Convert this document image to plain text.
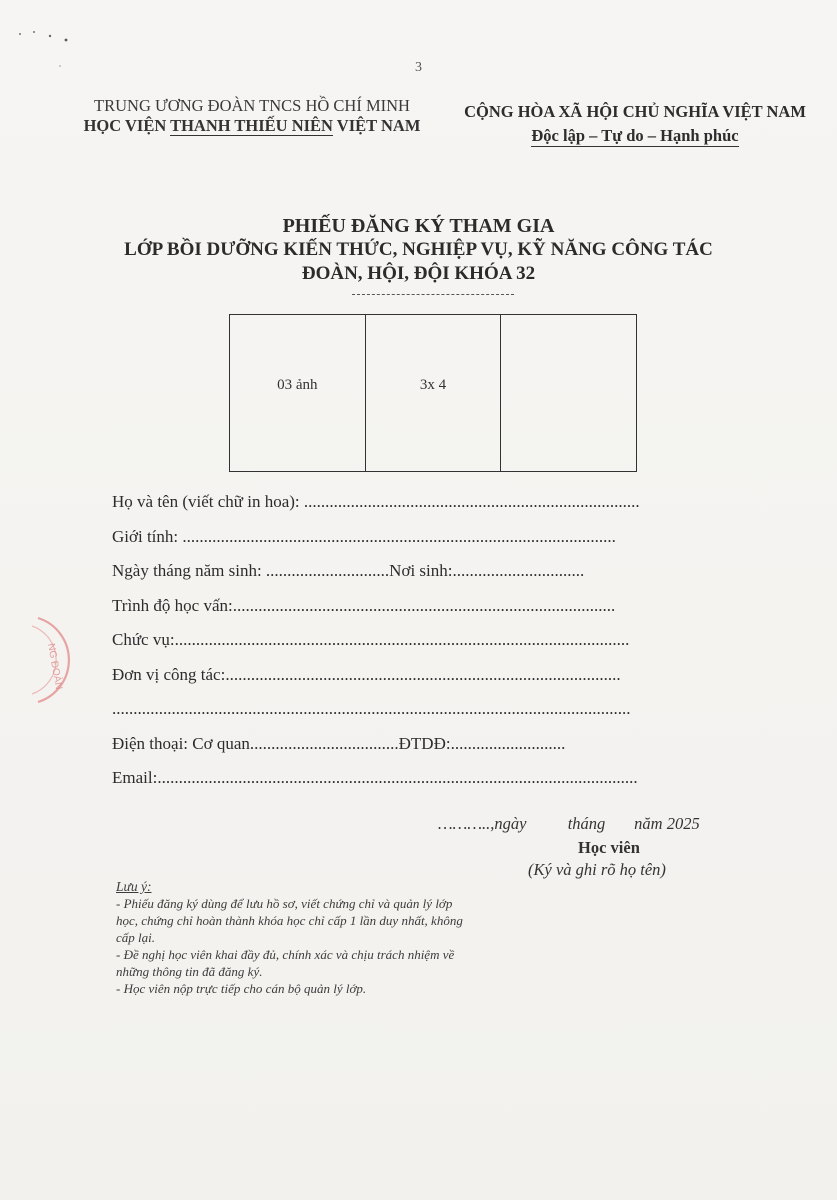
3
TRUNG ƯƠNG ĐOÀN TNCS HỒ CHÍ MINH
HỌC VIỆN THANH THIẾU NIÊN VIỆT NAM
CỘNG HÒA XÃ HỘI CHỦ NGHĨA VIỆT NAM
Độc lập – Tự do – Hạnh phúc
PHIẾU ĐĂNG KÝ THAM GIA
LỚP BỒI DƯỠNG KIẾN THỨC, NGHIỆP VỤ, KỸ NĂNG CÔNG TÁC
ĐOÀN, HỘI, ĐỘI KHÓA 32
03 ảnh	3x 4
Họ và tên (viết chữ in hoa): ...............................................................................
Giới tính: ......................................................................................................
Ngày tháng năm sinh: .............................Nơi sinh:...............................
Trình độ học vấn:..........................................................................................
Chức vụ:...........................................................................................................
Đơn vị công tác:.............................................................................................
..........................................................................................................................
Điện thoại: Cơ quan...................................ĐTDĐ:...........................
Email:.................................................................................................................
………..,ngày          tháng       năm 2025
Học viên
(Ký và ghi rõ họ tên)
Lưu ý:
- Phiếu đăng ký dùng để lưu hồ sơ, viết chứng chỉ và quản lý lớp học, chứng chỉ hoàn thành khóa học chỉ cấp 1 lần duy nhất, không cấp lại.
- Đề nghị học viên khai đầy đủ, chính xác và chịu trách nhiệm về những thông tin đã đăng ký.
- Học viên nộp trực tiếp cho cán bộ quản lý lớp.
NG ĐOÀN
